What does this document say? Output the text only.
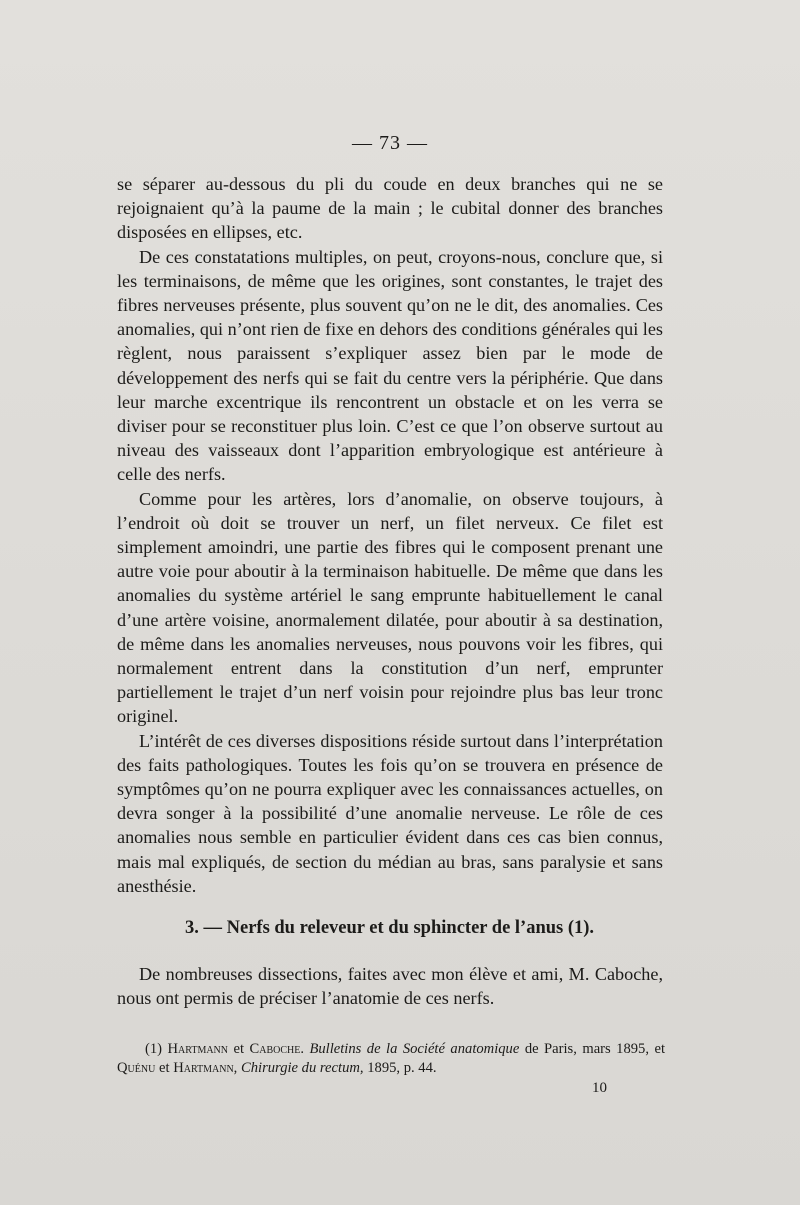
— 73 —

se séparer au-dessous du pli du coude en deux branches qui ne se rejoignaient qu’à la paume de la main ; le cubital donner des branches disposées en ellipses, etc.

De ces constatations multiples, on peut, croyons-nous, conclure que, si les terminaisons, de même que les origines, sont constantes, le trajet des fibres nerveuses présente, plus souvent qu’on ne le dit, des anomalies. Ces anomalies, qui n’ont rien de fixe en dehors des conditions générales qui les règlent, nous paraissent s’expliquer assez bien par le mode de développement des nerfs qui se fait du centre vers la périphérie. Que dans leur marche excentrique ils rencontrent un obstacle et on les verra se diviser pour se reconstituer plus loin. C’est ce que l’on observe surtout au niveau des vaisseaux dont l’apparition embryologique est antérieure à celle des nerfs.

Comme pour les artères, lors d’anomalie, on observe toujours, à l’endroit où doit se trouver un nerf, un filet nerveux. Ce filet est simplement amoindri, une partie des fibres qui le composent prenant une autre voie pour aboutir à la terminaison habituelle. De même que dans les anomalies du système artériel le sang emprunte habituellement le canal d’une artère voisine, anormalement dilatée, pour aboutir à sa destination, de même dans les anomalies nerveuses, nous pouvons voir les fibres, qui normalement entrent dans la constitution d’un nerf, emprunter partiellement le trajet d’un nerf voisin pour rejoindre plus bas leur tronc originel.

L’intérêt de ces diverses dispositions réside surtout dans l’interprétation des faits pathologiques. Toutes les fois qu’on se trouvera en présence de symptômes qu’on ne pourra expliquer avec les connaissances actuelles, on devra songer à la possibilité d’une anomalie nerveuse. Le rôle de ces anomalies nous semble en particulier évident dans ces cas bien connus, mais mal expliqués, de section du médian au bras, sans paralysie et sans anesthésie.

3. — Nerfs du releveur et du sphincter de l’anus (1).

De nombreuses dissections, faites avec mon élève et ami, M. Caboche, nous ont permis de préciser l’anatomie de ces nerfs.

(1) Hartmann et Caboche. Bulletins de la Société anatomique de Paris, mars 1895, et Quénu et Hartmann, Chirurgie du rectum, 1895, p. 44.

10
